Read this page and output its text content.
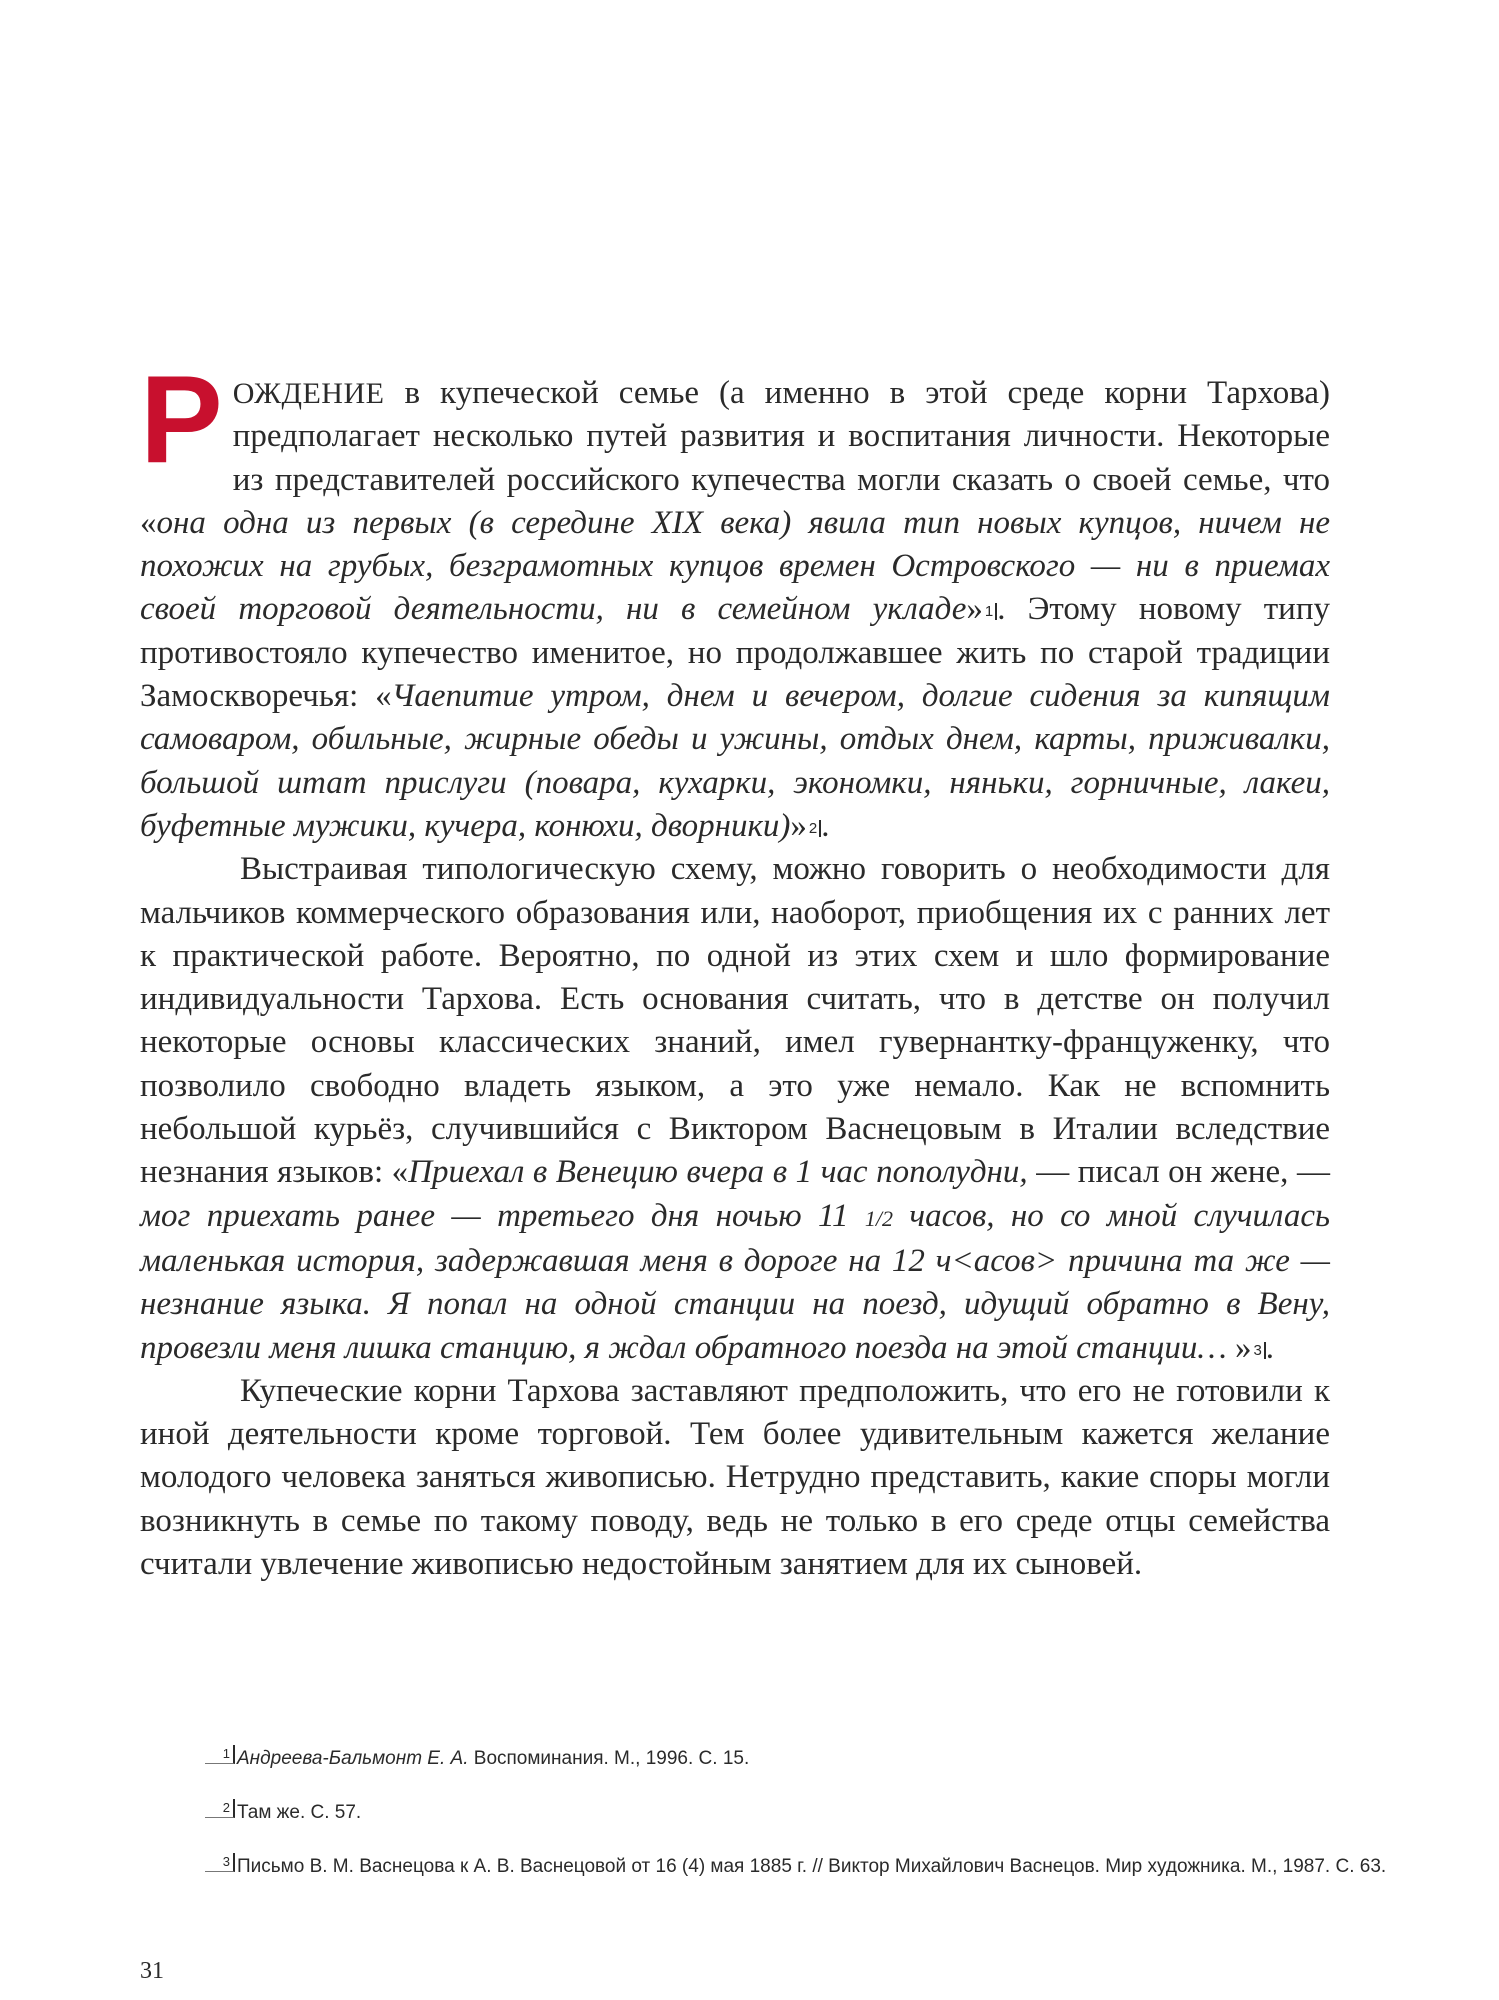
РОЖДЕНИЕ в купеческой семье (а именно в этой среде корни Тархова) предполагает несколько путей развития и воспитания личности. Некоторые из представителей российского купечества могли сказать о своей семье, что «она одна из первых (в середине XIX века) явила тип новых купцов, ничем не похожих на грубых, безграмотных купцов времен Островского — ни в приемах своей торговой деятельности, ни в семейном укладе» 1 . Этому новому типу противостояло купечество именитое, но продолжавшее жить по старой традиции Замоскворечья: «Чаепитие утром, днем и вечером, долгие сидения за кипящим самоваром, обильные, жирные обеды и ужины, отдых днем, карты, приживалки, большой штат прислуги (повара, кухарки, экономки, няньки, горничные, лакеи, буфетные мужики, кучера, конюхи, дворники)» 2 .

Выстраивая типологическую схему, можно говорить о необходимости для мальчиков коммерческого образования или, наоборот, приобщения их с ранних лет к практической работе. Вероятно, по одной из этих схем и шло формирование индивидуальности Тархова. Есть основания считать, что в детстве он получил некоторые основы классических знаний, имел гувернантку-француженку, что позволило свободно владеть языком, а это уже немало. Как не вспомнить небольшой курьёз, случившийся с Виктором Васнецовым в Италии вследствие незнания языков: «Приехал в Венецию вчера в 1 час пополудни, — писал он жене, — мог приехать ранее — третьего дня ночью 11 1/2 часов, но со мной случилась маленькая история, задержавшая меня в дороге на 12 ч<асов> причина та же — незнание языка. Я попал на одной станции на поезд, идущий обратно в Вену, провезли меня лишка станцию, я ждал обратного поезда на этой станции… » 3 .

Купеческие корни Тархова заставляют предположить, что его не готовили к иной деятельности кроме торговой. Тем более удивительным кажется желание молодого человека заняться живописью. Нетрудно представить, какие споры могли возникнуть в семье по такому поводу, ведь не только в его среде отцы семейства считали увлечение живописью недостойным занятием для их сыновей.

1 Андреева-Бальмонт Е. А. Воспоминания. М., 1996. С. 15.
2 Там же. С. 57.
3 Письмо В. М. Васнецова к А. В. Васнецовой от 16 (4) мая 1885 г. // Виктор Михайлович Васнецов. Мир художника. М., 1987. С. 63.
31
